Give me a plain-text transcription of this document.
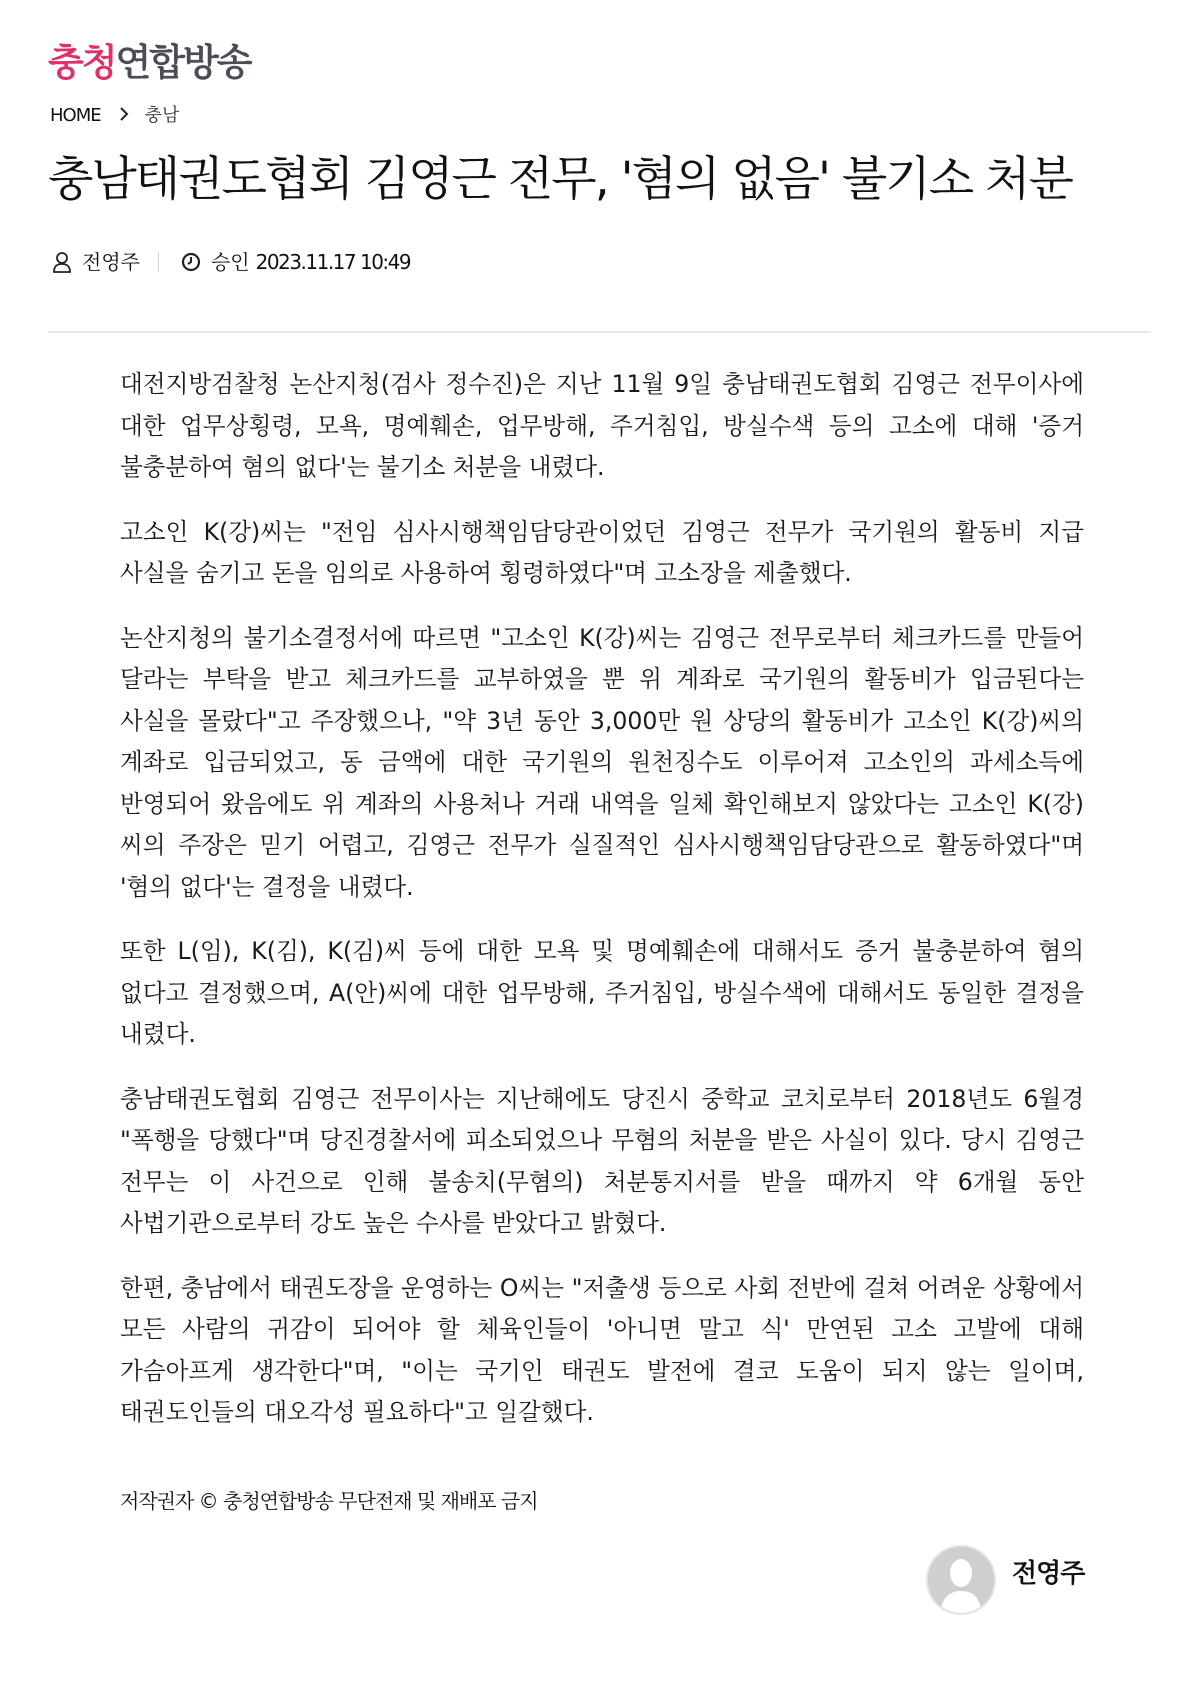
충청연합방송
HOME 충남
충남태권도협회 김영근 전무, '혐의 없음' 불기소 처분
전영주	승인 2023.11.17 10:49

대전지방검찰청 논산지청(검사 정수진)은 지난 11월 9일 충남태권도협회 김영근 전무이사에 대한 업무상횡령, 모욕, 명예훼손, 업무방해, 주거침입, 방실수색 등의 고소에 대해 '증거 불충분하여 혐의 없다'는 불기소 처분을 내렸다.

고소인 K(강)씨는 "전임 심사시행책임담당관이었던 김영근 전무가 국기원의 활동비 지급 사실을 숨기고 돈을 임의로 사용하여 횡령하였다"며 고소장을 제출했다.

논산지청의 불기소결정서에 따르면 "고소인 K(강)씨는 김영근 전무로부터 체크카드를 만들어 달라는 부탁을 받고 체크카드를 교부하였을 뿐 위 계좌로 국기원의 활동비가 입금된다는 사실을 몰랐다"고 주장했으나, "약 3년 동안 3,000만 원 상당의 활동비가 고소인 K(강)씨의 계좌로 입금되었고, 동 금액에 대한 국기원의 원천징수도 이루어져 고소인의 과세소득에 반영되어 왔음에도 위 계좌의 사용처나 거래 내역을 일체 확인해보지 않았다는 고소인 K(강)씨의 주장은 믿기 어렵고, 김영근 전무가 실질적인 심사시행책임담당관으로 활동하였다"며 '혐의 없다'는 결정을 내렸다.

또한 L(임), K(김), K(김)씨 등에 대한 모욕 및 명예훼손에 대해서도 증거 불충분하여 혐의 없다고 결정했으며, A(안)씨에 대한 업무방해, 주거침입, 방실수색에 대해서도 동일한 결정을 내렸다.

충남태권도협회 김영근 전무이사는 지난해에도 당진시 중학교 코치로부터 2018년도 6월경 "폭행을 당했다"며 당진경찰서에 피소되었으나 무혐의 처분을 받은 사실이 있다. 당시 김영근 전무는 이 사건으로 인해 불송치(무혐의) 처분통지서를 받을 때까지 약 6개월 동안 사법기관으로부터 강도 높은 수사를 받았다고 밝혔다.

한편, 충남에서 태권도장을 운영하는 O씨는 "저출생 등으로 사회 전반에 걸쳐 어려운 상황에서 모든 사람의 귀감이 되어야 할 체육인들이 '아니면 말고 식' 만연된 고소 고발에 대해 가슴아프게 생각한다"며, "이는 국기인 태권도 발전에 결코 도움이 되지 않는 일이며, 태권도인들의 대오각성 필요하다"고 일갈했다.

저작권자 © 충청연합방송 무단전재 및 재배포 금지
전영주
